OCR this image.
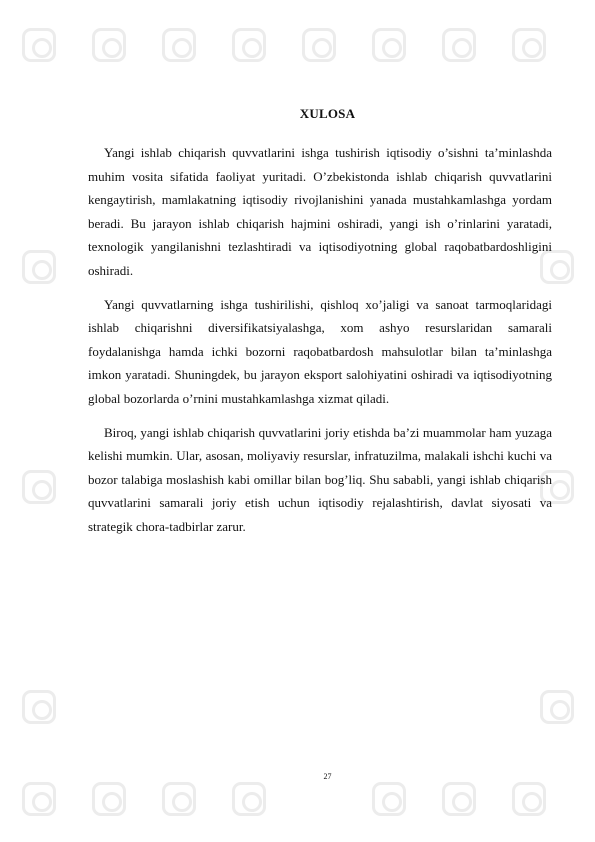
XULOSA

Yangi ishlab chiqarish quvvatlarini ishga tushirish iqtisodiy o’sishni ta’minlashda muhim vosita sifatida faoliyat yuritadi. O’zbekistonda ishlab chiqarish quvvatlarini kengaytirish, mamlakatning iqtisodiy rivojlanishini yanada mustahkamlashga yordam beradi. Bu jarayon ishlab chiqarish hajmini oshiradi, yangi ish o’rinlarini yaratadi, texnologik yangilanishni tezlashtiradi va iqtisodiyotning global raqobatbardoshligini oshiradi.

Yangi quvvatlarning ishga tushirilishi, qishloq xo’jaligi va sanoat tarmoqlaridagi ishlab chiqarishni diversifikatsiyalashga, xom ashyo resurslaridan samarali foydalanishga hamda ichki bozorni raqobatbardosh mahsulotlar bilan ta’minlashga imkon yaratadi. Shuningdek, bu jarayon eksport salohiyatini oshiradi va iqtisodiyotning global bozorlarda o’rnini mustahkamlashga xizmat qiladi.

Biroq, yangi ishlab chiqarish quvvatlarini joriy etishda ba’zi muammolar ham yuzaga kelishi mumkin. Ular, asosan, moliyaviy resurslar, infratuzilma, malakali ishchi kuchi va bozor talabiga moslashish kabi omillar bilan bog’liq. Shu sababli, yangi ishlab chiqarish quvvatlarini samarali joriy etish uchun iqtisodiy rejalashtirish, davlat siyosati va strategik chora-tadbirlar zarur.

27
